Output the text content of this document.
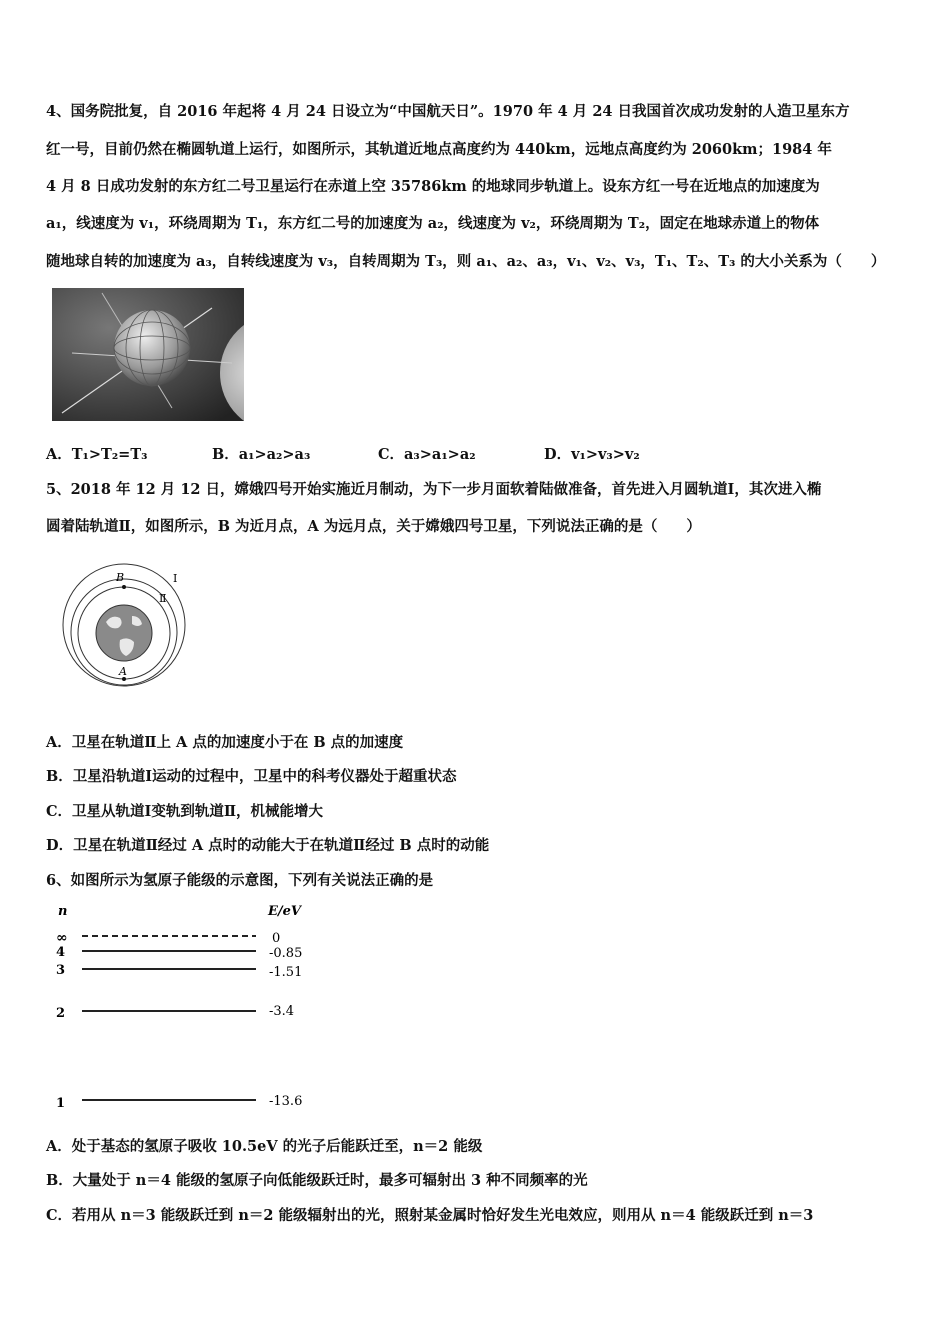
4、国务院批复，自 2016 年起将 4 月 24 日设立为“中国航天日”。1970 年 4 月 24 日我国首次成功发射的人造卫星东方
红一号，目前仍然在椭圆轨道上运行，如图所示，其轨道近地点高度约为 440km，远地点高度约为 2060km；1984 年
4 月 8 日成功发射的东方红二号卫星运行在赤道上空 35786km 的地球同步轨道上。设东方红一号在近地点的加速度为
a₁，线速度为 v₁，环绕周期为 T₁，东方红二号的加速度为 a₂，线速度为 v₂，环绕周期为 T₂，固定在地球赤道上的物体
随地球自转的加速度为 a₃，自转线速度为 v₃，自转周期为 T₃，则 a₁、a₂、a₃，v₁、v₂、v₃，T₁、T₂、T₃ 的大小关系为（　　）
A．T₁>T₂=T₃	B．a₁>a₂>a₃	C．a₃>a₁>a₂	D．v₁>v₃>v₂
5、2018 年 12 月 12 日，嫦娥四号开始实施近月制动，为下一步月面软着陆做准备，首先进入月圆轨道Ⅰ，其次进入椭
圆着陆轨道Ⅱ，如图所示，B 为近月点，A 为远月点，关于嫦娥四号卫星，下列说法正确的是（　　）
B
A
Ⅰ
Ⅱ
A．卫星在轨道Ⅱ上 A 点的加速度小于在 B 点的加速度
B．卫星沿轨道Ⅰ运动的过程中，卫星中的科考仪器处于超重状态
C．卫星从轨道Ⅰ变轨到轨道Ⅱ，机械能增大
D．卫星在轨道Ⅱ经过 A 点时的动能大于在轨道Ⅱ经过 B 点时的动能
6、如图所示为氢原子能级的示意图，下列有关说法正确的是
n	E/eV
∞	0
4	-0.85
3	-1.51
2	-3.4
1	-13.6
A．处于基态的氢原子吸收 10.5eV 的光子后能跃迁至，n＝2 能级
B．大量处于 n＝4 能级的氢原子向低能级跃迁时，最多可辐射出 3 种不同频率的光
C．若用从 n＝3 能级跃迁到 n＝2 能级辐射出的光，照射某金属时恰好发生光电效应，则用从 n＝4 能级跃迁到 n＝3
